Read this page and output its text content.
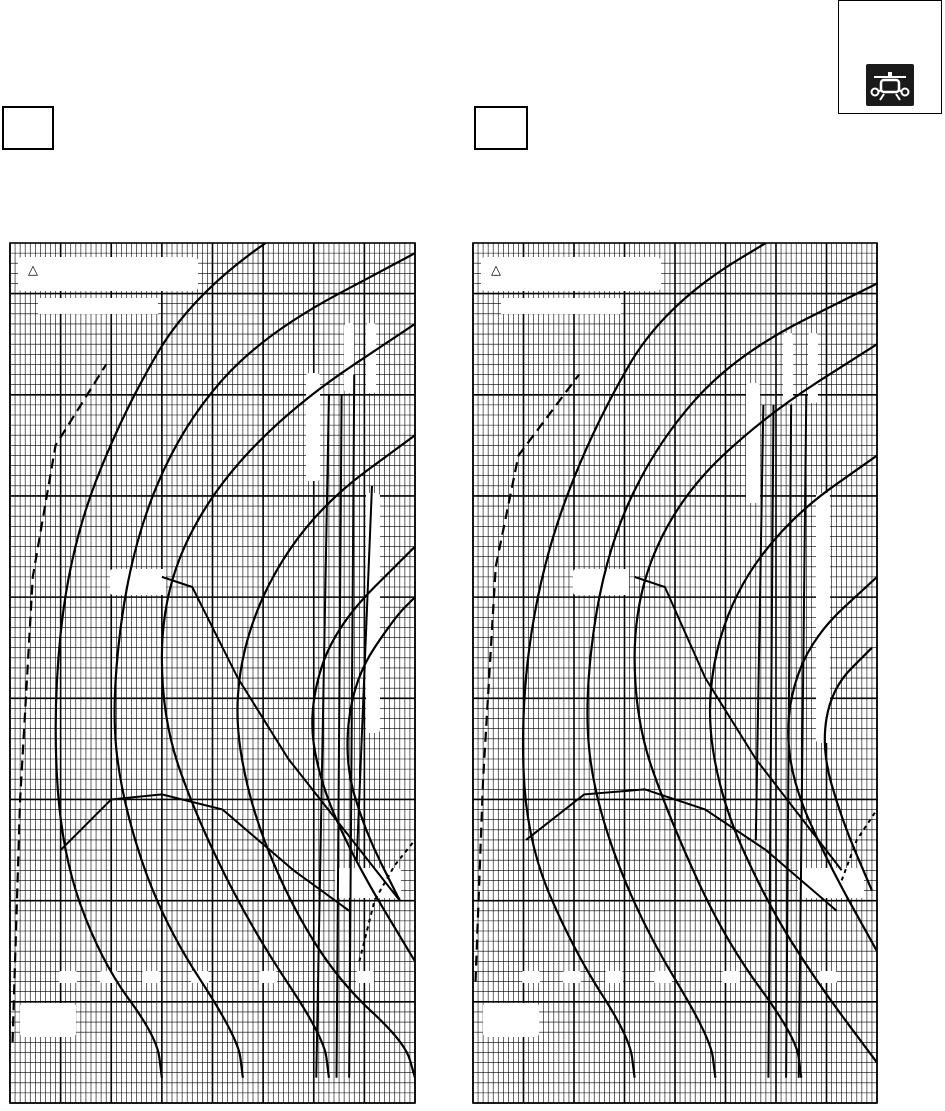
△	△
